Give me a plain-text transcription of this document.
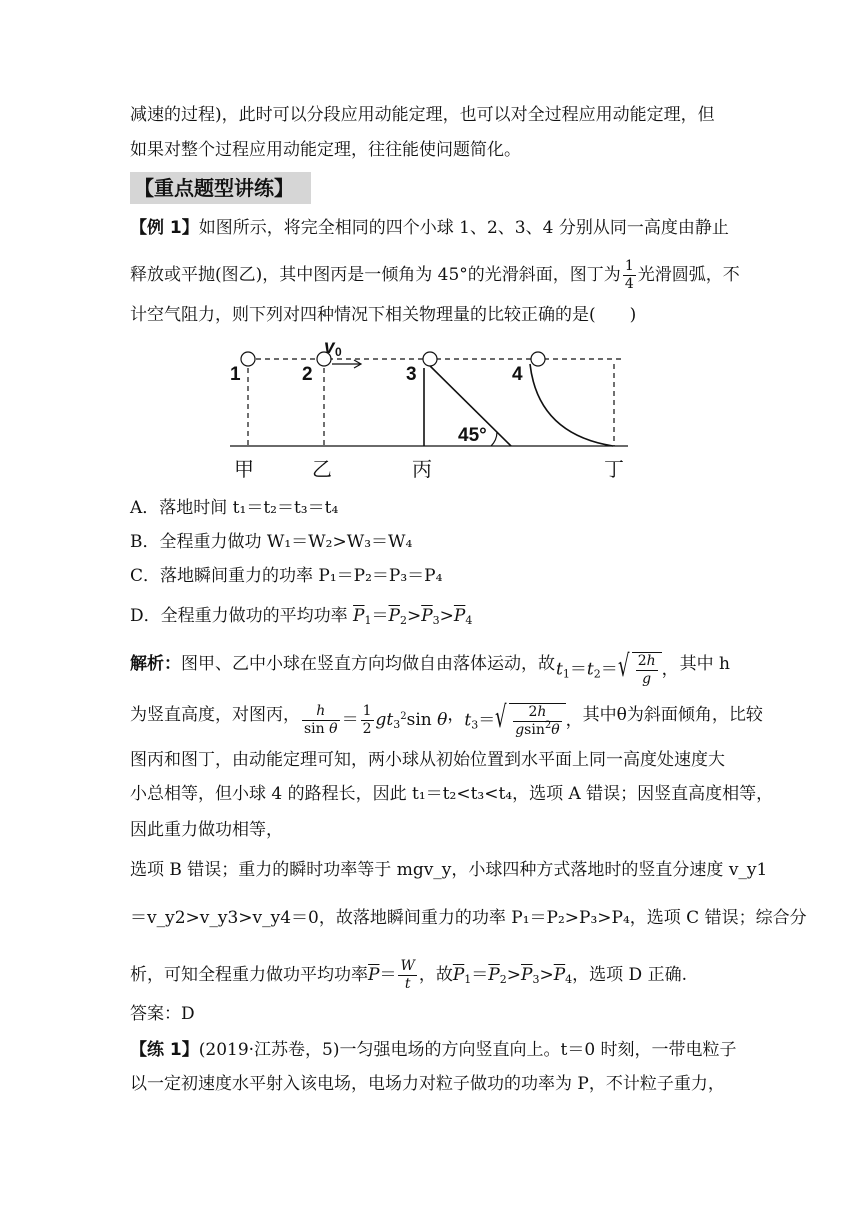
减速的过程)，此时可以分段应用动能定理，也可以对全过程应用动能定理，但
如果对整个过程应用动能定理，往往能使问题简化。
【重点题型讲练】
【例 1】如图所示，将完全相同的四个小球 1、2、3、4 分别从同一高度由静止
释放或平抛(图乙)，其中图丙是一倾角为 45°的光滑斜面，图丁为 $\frac{1}{4}$ 光滑圆弧，不
计空气阻力，则下列对四种情况下相关物理量的比较正确的是(　　)
1	2	3	4
v 0
45°
甲	乙	丙	丁
A．落地时间 t₁＝t₂＝t₃＝t₄
B．全程重力做功 W₁＝W₂>W₃＝W₄
C．落地瞬间重力的功率 P₁＝P₂＝P₃＝P₄
D．全程重力做功的平均功率 $\overline{P}_1=\overline{P}_2>\overline{P}_3>\overline{P}_4$
解析：图甲、乙中小球在竖直方向均做自由落体运动，故 $t_1=t_2=$ √ $\frac{2h}{g}$ ， 其中 h
为竖直高度，对图丙， $\frac{h}{\text{sin θ}} = \frac{1}{2} gt_3^2\sin$ θ ， $t_3=$ √ $\frac{2h}{gsin^2\theta}$ ， 其中θ为斜面倾角，比较
图丙和图丁，由动能定理可知，两小球从初始位置到水平面上同一高度处速度大
小总相等，但小球 4 的路程长，因此 t₁＝t₂<t₃<t₄，选项 A 错误；因竖直高度相等，
因此重力做功相等，
选项 B 错误；重力的瞬时功率等于 mgv_y，小球四种方式落地时的竖直分速度 v_y1
＝v_y2>v_y3>v_y4＝0，故落地瞬间重力的功率 P₁＝P₂>P₃>P₄，选项 C 错误；综合分
析，可知全程重力做功平均功率$\overline{P}= \frac{W}{t}$ ，故$\overline{P}_1=\overline{P}_2>\overline{P}_3>\overline{P}_4$，选项 D 正确.
答案：D
【练 1】(2019·江苏卷，5)一匀强电场的方向竖直向上。t＝0 时刻，一带电粒子
以一定初速度水平射入该电场，电场力对粒子做功的功率为 P，不计粒子重力，
